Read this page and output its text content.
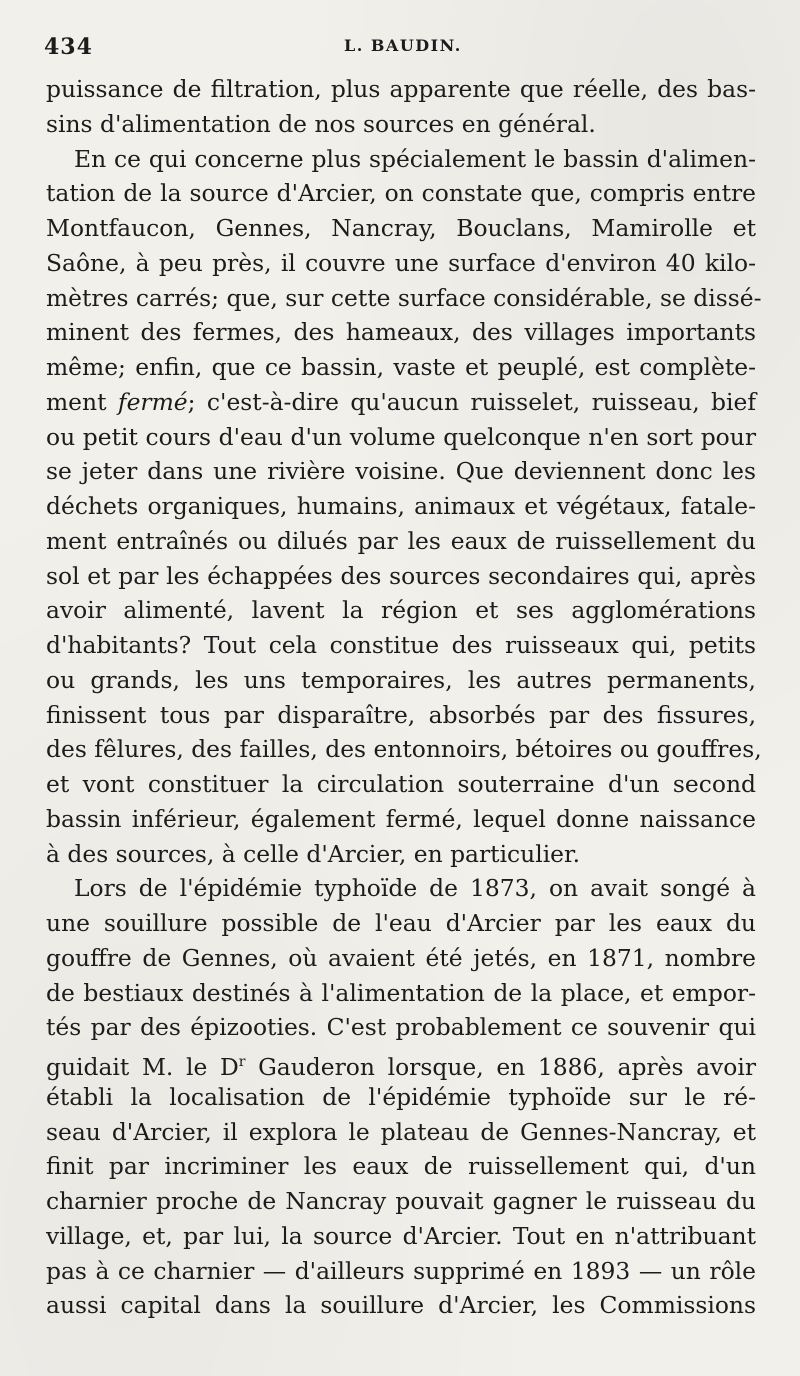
434	L. BAUDIN.
puissance de filtration, plus apparente que réelle, des bas-
sins d'alimentation de nos sources en général.
En ce qui concerne plus spécialement le bassin d'alimen-
tation de la source d'Arcier, on constate que, compris entre
Montfaucon, Gennes, Nancray, Bouclans, Mamirolle et
Saône, à peu près, il couvre une surface d'environ 40 kilo-
mètres carrés; que, sur cette surface considérable, se dissé-
minent des fermes, des hameaux, des villages importants
même; enfin, que ce bassin, vaste et peuplé, est complète-
ment fermé; c'est-à-dire qu'aucun ruisselet, ruisseau, bief
ou petit cours d'eau d'un volume quelconque n'en sort pour
se jeter dans une rivière voisine. Que deviennent donc les
déchets organiques, humains, animaux et végétaux, fatale-
ment entraînés ou dilués par les eaux de ruissellement du
sol et par les échappées des sources secondaires qui, après
avoir alimenté, lavent la région et ses agglomérations
d'habitants? Tout cela constitue des ruisseaux qui, petits
ou grands, les uns temporaires, les autres permanents,
finissent tous par disparaître, absorbés par des fissures,
des fêlures, des failles, des entonnoirs, bétoires ou gouffres,
et vont constituer la circulation souterraine d'un second
bassin inférieur, également fermé, lequel donne naissance
à des sources, à celle d'Arcier, en particulier.
Lors de l'épidémie typhoïde de 1873, on avait songé à
une souillure possible de l'eau d'Arcier par les eaux du
gouffre de Gennes, où avaient été jetés, en 1871, nombre
de bestiaux destinés à l'alimentation de la place, et empor-
tés par des épizooties. C'est probablement ce souvenir qui
guidait M. le $D^r$ Gauderon lorsque, en 1886, après avoir
établi la localisation de l'épidémie typhoïde sur le ré-
seau d'Arcier, il explora le plateau de Gennes-Nancray, et
finit par incriminer les eaux de ruissellement qui, d'un
charnier proche de Nancray pouvait gagner le ruisseau du
village, et, par lui, la source d'Arcier. Tout en n'attribuant
pas à ce charnier — d'ailleurs supprimé en 1893 — un rôle
aussi capital dans la souillure d'Arcier, les Commissions
